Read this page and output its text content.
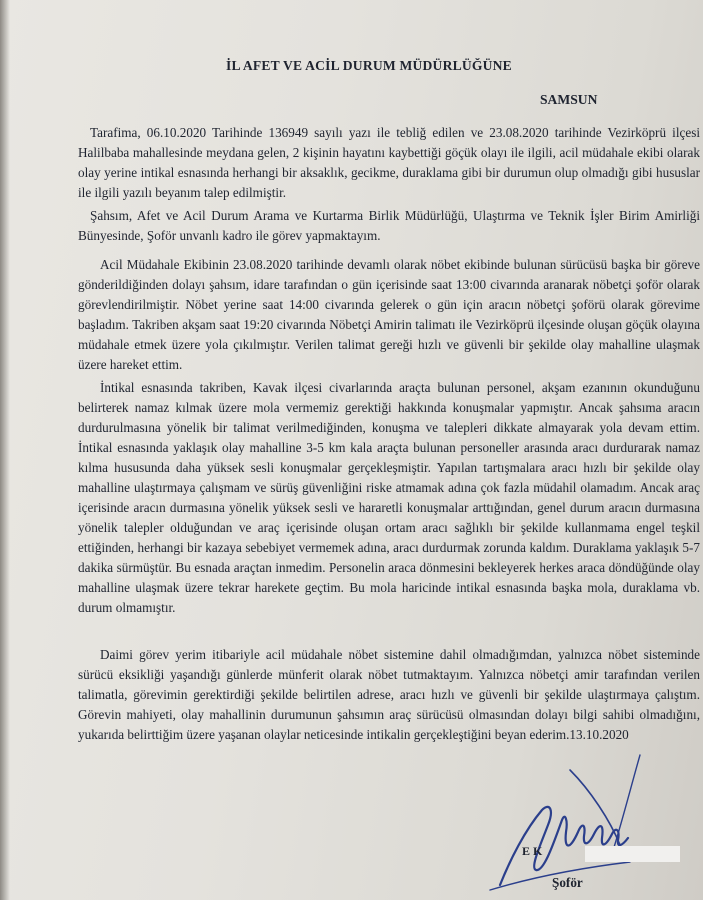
İL AFET VE ACİL DURUM MÜDÜRLÜĞÜNE
SAMSUN
Tarafima, 06.10.2020 Tarihinde 136949 sayılı yazı ile tebliğ edilen ve 23.08.2020 tarihinde Vezirköprü ilçesi Halilbaba mahallesinde meydana gelen, 2 kişinin hayatını kaybettiği göçük olayı ile ilgili, acil müdahale ekibi olarak olay yerine intikal esnasında herhangi bir aksaklık, gecikme, duraklama gibi bir durumun olup olmadığı gibi hususlar ile ilgili yazılı beyanım talep edilmiştir.
Şahsım, Afet ve Acil Durum Arama ve Kurtarma Birlik Müdürlüğü, Ulaştırma ve Teknik İşler Birim Amirliği Bünyesinde, Şoför unvanlı kadro ile görev yapmaktayım.
Acil Müdahale Ekibinin 23.08.2020 tarihinde devamlı olarak nöbet ekibinde bulunan sürücüsü başka bir göreve gönderildiğinden dolayı şahsım, idare tarafından o gün içerisinde saat 13:00 civarında aranarak nöbetçi şoför olarak görevlendirilmiştir. Nöbet yerine saat 14:00 civarında gelerek o gün için aracın nöbetçi şoförü olarak görevime başladım. Takriben akşam saat 19:20 civarında Nöbetçi Amirin talimatı ile Vezirköprü ilçesinde oluşan göçük olayına müdahale etmek üzere yola çıkılmıştır. Verilen talimat gereği hızlı ve güvenli bir şekilde olay mahalline ulaşmak üzere hareket ettim.
İntikal esnasında takriben, Kavak ilçesi civarlarında araçta bulunan personel, akşam ezanının okunduğunu belirterek namaz kılmak üzere mola vermemiz gerektiği hakkında konuşmalar yapmıştır. Ancak şahsıma aracın durdurulmasına yönelik bir talimat verilmediğinden, konuşma ve talepleri dikkate almayarak yola devam ettim. İntikal esnasında yaklaşık olay mahalline 3-5 km kala araçta bulunan personeller arasında aracı durdurarak namaz kılma hususunda daha yüksek sesli konuşmalar gerçekleşmiştir. Yapılan tartışmalara aracı hızlı bir şekilde olay mahalline ulaştırmaya çalışmam ve sürüş güvenliğini riske atmamak adına çok fazla müdahil olamadım. Ancak araç içerisinde aracın durmasına yönelik yüksek sesli ve hararetli konuşmalar arttığından, genel durum aracın durmasına yönelik talepler olduğundan ve araç içerisinde oluşan ortam aracı sağlıklı bir şekilde kullanmama engel teşkil ettiğinden, herhangi bir kazaya sebebiyet vermemek adına, aracı durdurmak zorunda kaldım. Duraklama yaklaşık 5-7 dakika sürmüştür. Bu esnada araçtan inmedim. Personelin araca dönmesini bekleyerek herkes araca döndüğünde olay mahalline ulaşmak üzere tekrar harekete geçtim. Bu mola haricinde intikal esnasında başka mola, duraklama vb. durum olmamıştır.
Daimi görev yerim itibariyle acil müdahale nöbet sistemine dahil olmadığımdan, yalnızca nöbet sisteminde sürücü eksikliği yaşandığı günlerde münferit olarak nöbet tutmaktayım. Yalnızca nöbetçi amir tarafından verilen talimatla, görevimin gerektirdiği şekilde belirtilen adrese, aracı hızlı ve güvenli bir şekilde ulaştırmaya çalıştım. Görevin mahiyeti, olay mahallinin durumunun şahsımın araç sürücüsü olmasından dolayı bilgi sahibi olmadığını, yukarıda belirttiğim üzere yaşanan olaylar neticesinde intikalin gerçekleştiğini beyan ederim.13.10.2020
E K
Şoför
